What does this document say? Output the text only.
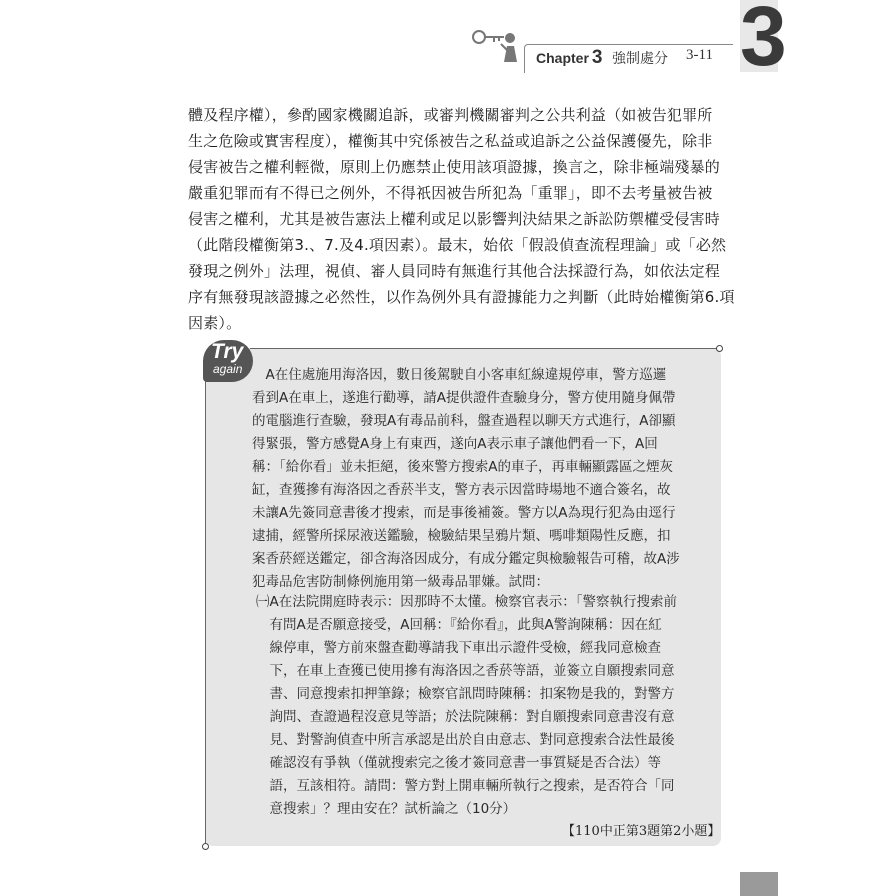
Chapter 3 強制處分 3-11 3
體及程序權），參酌國家機關追訴，或審判機關審判之公共利益（如被告犯罪所
生之危險或實害程度），權衡其中究係被告之私益或追訴之公益保護優先，除非
侵害被告之權利輕微，原則上仍應禁止使用該項證據，換言之，除非極端殘暴的
嚴重犯罪而有不得已之例外，不得祇因被告所犯為「重罪」，即不去考量被告被
侵害之權利，尤其是被告憲法上權利或足以影響判決結果之訴訟防禦權受侵害時
（此階段權衡第3.、7.及4.項因素）。最末，始依「假設偵查流程理論」或「必然
發現之例外」法理，視偵、審人員同時有無進行其他合法採證行為，如依法定程
序有無發現該證據之必然性，以作為例外具有證據能力之判斷（此時始權衡第6.項
因素）。
Try
again 　A在住處施用海洛因，數日後駕駛自小客車紅線違規停車，警方巡邏
看到A在車上，遂進行勸導，請A提供證件查驗身分，警方使用隨身佩帶
的電腦進行查驗，發現A有毒品前科，盤查過程以聊天方式進行，A卻顯
得緊張，警方感覺A身上有東西，遂向A表示車子讓他們看一下，A回
稱：「給你看」並未拒絕，後來警方搜索A的車子，再車輛顯露區之煙灰
缸，查獲摻有海洛因之香菸半支，警方表示因當時場地不適合簽名，故
未讓A先簽同意書後才搜索，而是事後補簽。警方以A為現行犯為由逕行
逮捕，經警所採尿液送鑑驗，檢驗結果呈鴉片類、嗎啡類陽性反應，扣
案香菸經送鑑定，卻含海洛因成分，有成分鑑定與檢驗報告可稽，故A涉
犯毒品危害防制條例施用第一級毒品罪嫌。試問：
㈠A在法院開庭時表示：因那時不太懂。檢察官表示：「警察執行搜索前
　有問A是否願意接受，A回稱：『給你看』，此與A警詢陳稱：因在紅
　線停車，警方前來盤查勸導請我下車出示證件受檢，經我同意檢查
　下，在車上查獲已使用摻有海洛因之香菸等語，並簽立自願搜索同意
　書、同意搜索扣押筆錄；檢察官訊問時陳稱：扣案物是我的，對警方
　詢問、查證過程沒意見等語；於法院陳稱：對自願搜索同意書沒有意
　見、對警詢偵查中所言承認是出於自由意志、對同意搜索合法性最後
　確認沒有爭執（僅就搜索完之後才簽同意書一事質疑是否合法）等
　語，互該相符。請問：警方對上開車輛所執行之搜索，是否符合「同
　意搜索」？理由安在？試析論之（10分）
【110中正第3題第2小題】
